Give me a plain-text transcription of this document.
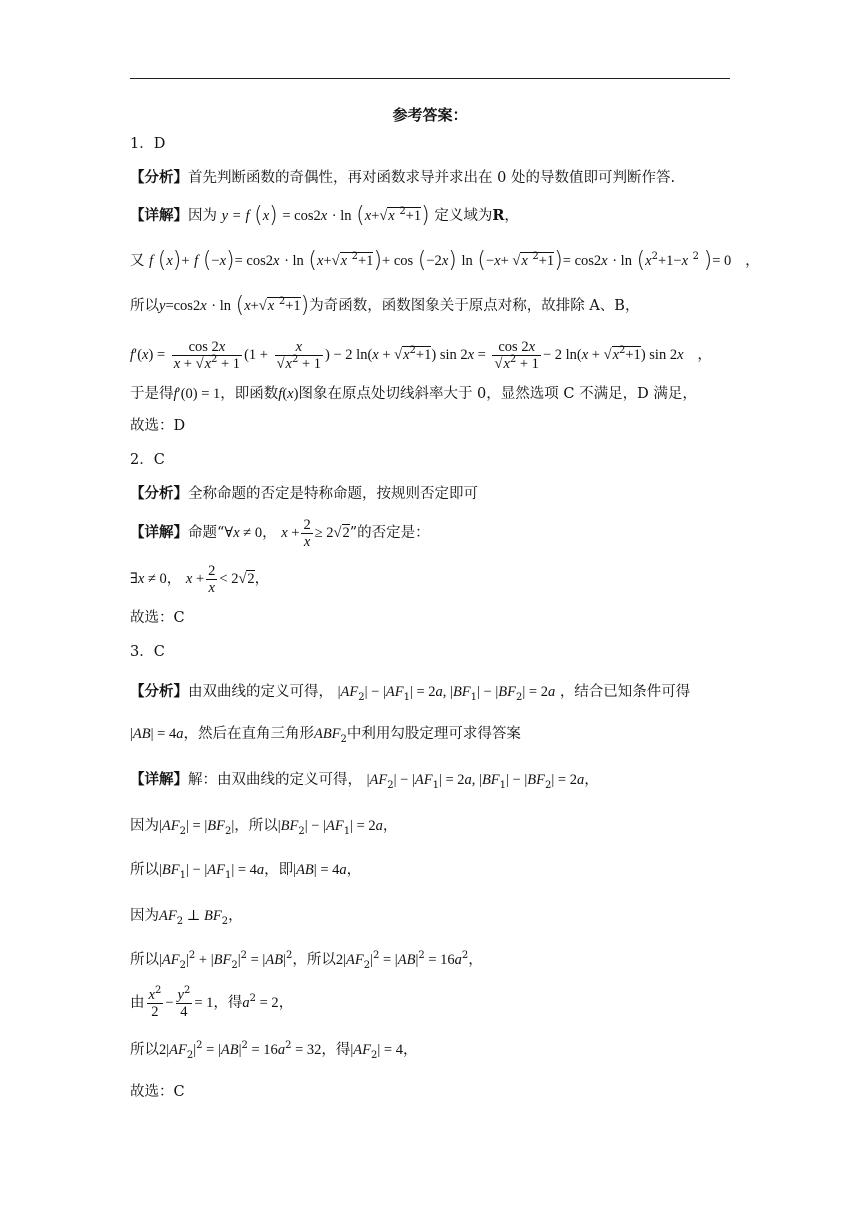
参考答案：
1．D
【分析】首先判断函数的奇偶性，再对函数求导并求出在 0 处的导数值即可判断作答.
【详解】因为 y = f (x) = cos2x · ln (x+√x $^2$+1) 定义域为R，
又 f (x)+ f (−x)= cos2x · ln (x+√x $^2$+1)+ cos (−2x) ln (−x+ √x $^2+1)= \cos 2x \cdot \ln (x^2+1-x$ $^2$ )= 0 ，
所以y=cos2x · ln (x+√x $^2$+1)为奇函数，函数图象关于原点对称，故排除 A、B，
$f'(x) = \frac{\cos 2x}{x + √x^2 + 1} (1 + \frac{x}{√x^2 + 1}$ ) − 2 $\ln(x + √x^2+1)$ $\sin 2x = \frac{\cos 2x}{√x^2 + 1} - 2$ $\ln(x + √x^2+1)$ sin 2x ，
于是得f′(0) = 1，即函数f(x)图象在原点处切线斜率大于 0，显然选项 C 不满足，D 满足，
故选：D
2．C
【分析】全称命题的否定是特称命题，按规则否定即可
【详解】命题“∀x ≠ 0， $x + \frac{2}{x} \ge 2√2$”的否定是：
∃x ≠ 0， $x + \frac{2}{x} < 2√2$，
故选：C
3．C
【分析】由双曲线的定义可得， $|AF_2| - |AF_1| = 2a$, $|BF_1| - |BF_2| = 2a$ ，结合已知条件可得
|AB| = 4a，然后在直角三角形$ABF_2$中利用勾股定理可求得答案
【详解】解：由双曲线的定义可得， $|AF_2| - |AF_1| = 2a$, $|BF_1| - |BF_2| = 2a$，
因为$|AF_2| = |BF_2|$，所以$|BF_2| - |AF_1| = 2a$，
所以$|BF_1| - |AF_1| = 4a$，即|AB| = 4a，
因为$AF_2$ ⊥ $BF_2$，
所以$|AF_2|^2 + |BF_2|^2 = |AB|^2$，所以$2|AF_2|^2 = |AB|^2 = 16a^2$，
由 $\frac{x^2}{2} - \frac{y^2}{4} = 1$，得$a^2 = 2$，
所以$2|AF_2|^2 = |AB|^2 = 16a^2 = 32$，得$|AF_2| = 4$，
故选：C
